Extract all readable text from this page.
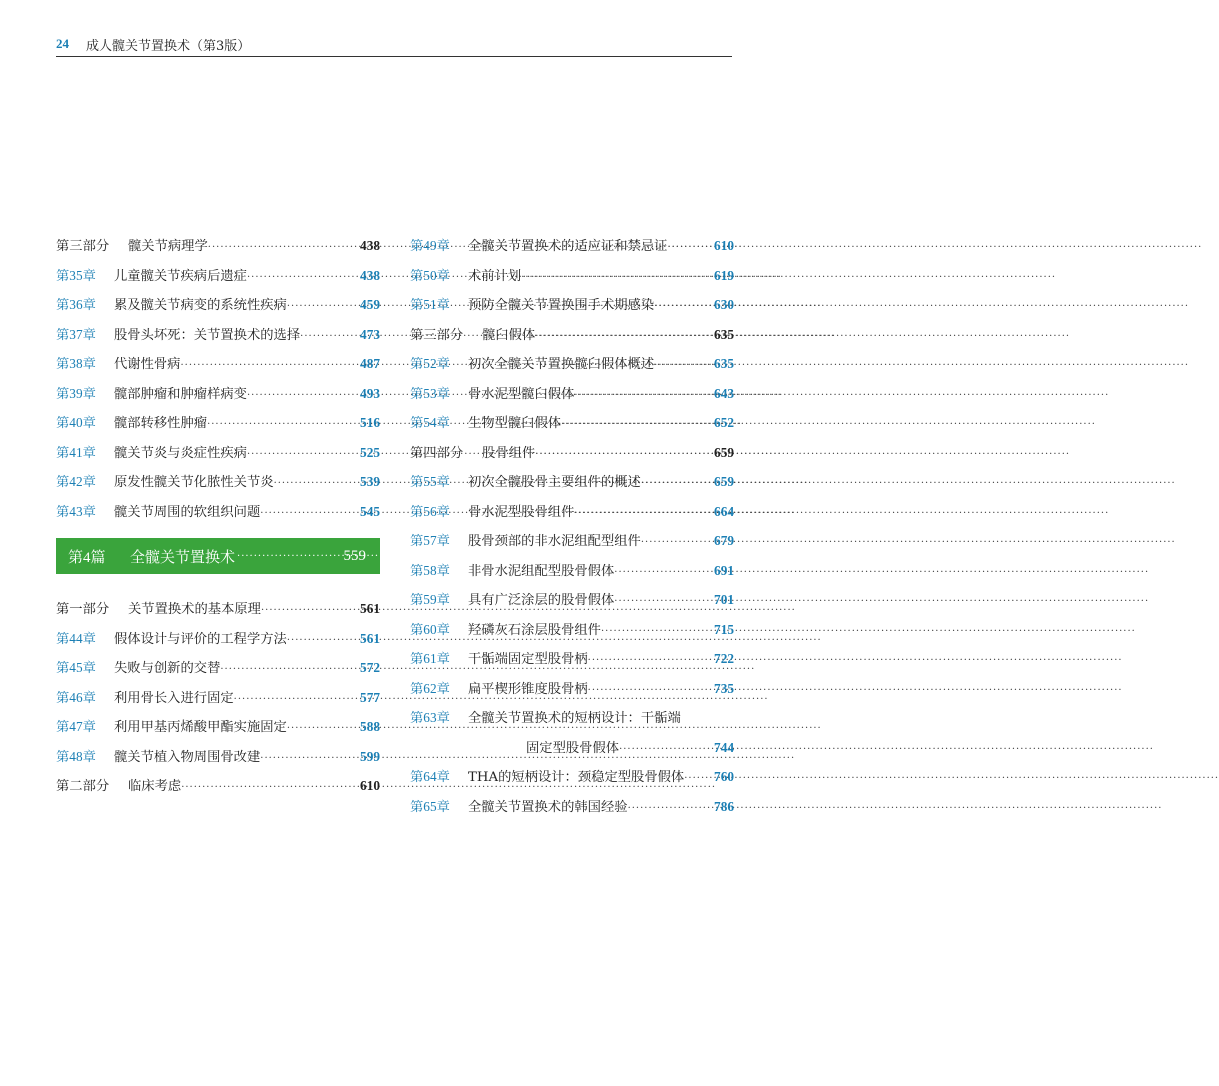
24 成人髋关节置换术（第3版）
第三部分	髋关节病理学 ·····	438
第35章	儿童髋关节疾病后遗症 ·····	438
第36章	累及髋关节病变的系统性疾病 ·····	459
第37章	股骨头坏死：关节置换术的选择 ·····	473
第38章	代谢性骨病 ·····	487
第39章	髋部肿瘤和肿瘤样病变 ·····	493
第40章	髋部转移性肿瘤 ·····	516
第41章	髋关节炎与炎症性疾病 ·····	525
第42章	原发性髋关节化脓性关节炎 ·····	539
第43章	髋关节周围的软组织问题 ·····	545
第4篇	全髋关节置换术 ·····	559
第一部分	关节置换术的基本原理 ·····	561
第44章	假体设计与评价的工程学方法 ·····	561
第45章	失败与创新的交替 ·····	572
第46章	利用骨长入进行固定 ·····	577
第47章	利用甲基丙烯酸甲酯实施固定 ·····	588
第48章	髋关节植入物周围骨改建 ·····	599
第二部分	临床考虑 ·····	610
第49章	全髋关节置换术的适应证和禁忌证 ·····	610
第50章	术前计划 ·····	619
第51章	预防全髋关节置换围手术期感染 ·····	630
第三部分	髋臼假体 ·····	635
第52章	初次全髋关节置换髋臼假体概述 ·····	635
第53章	骨水泥型髋臼假体 ·····	643
第54章	生物型髋臼假体 ·····	652
第四部分	股骨组件 ·····	659
第55章	初次全髋股骨主要组件的概述 ·····	659
第56章	骨水泥型股骨组件 ·····	664
第57章	股骨颈部的非水泥组配型组件 ·····	679
第58章	非骨水泥组配型股骨假体 ·····	691
第59章	具有广泛涂层的股骨假体 ·····	701
第60章	羟磷灰石涂层股骨组件 ·····	715
第61章	干骺端固定型股骨柄 ·····	722
第62章	扁平楔形锥度股骨柄 ·····	735
第63章	全髋关节置换术的短柄设计：干骺端
固定型股骨假体 ·····	744
第64章	THA的短柄设计：颈稳定型股骨假体 ····· 760
第65章	全髋关节置换术的韩国经验 ·····	786
